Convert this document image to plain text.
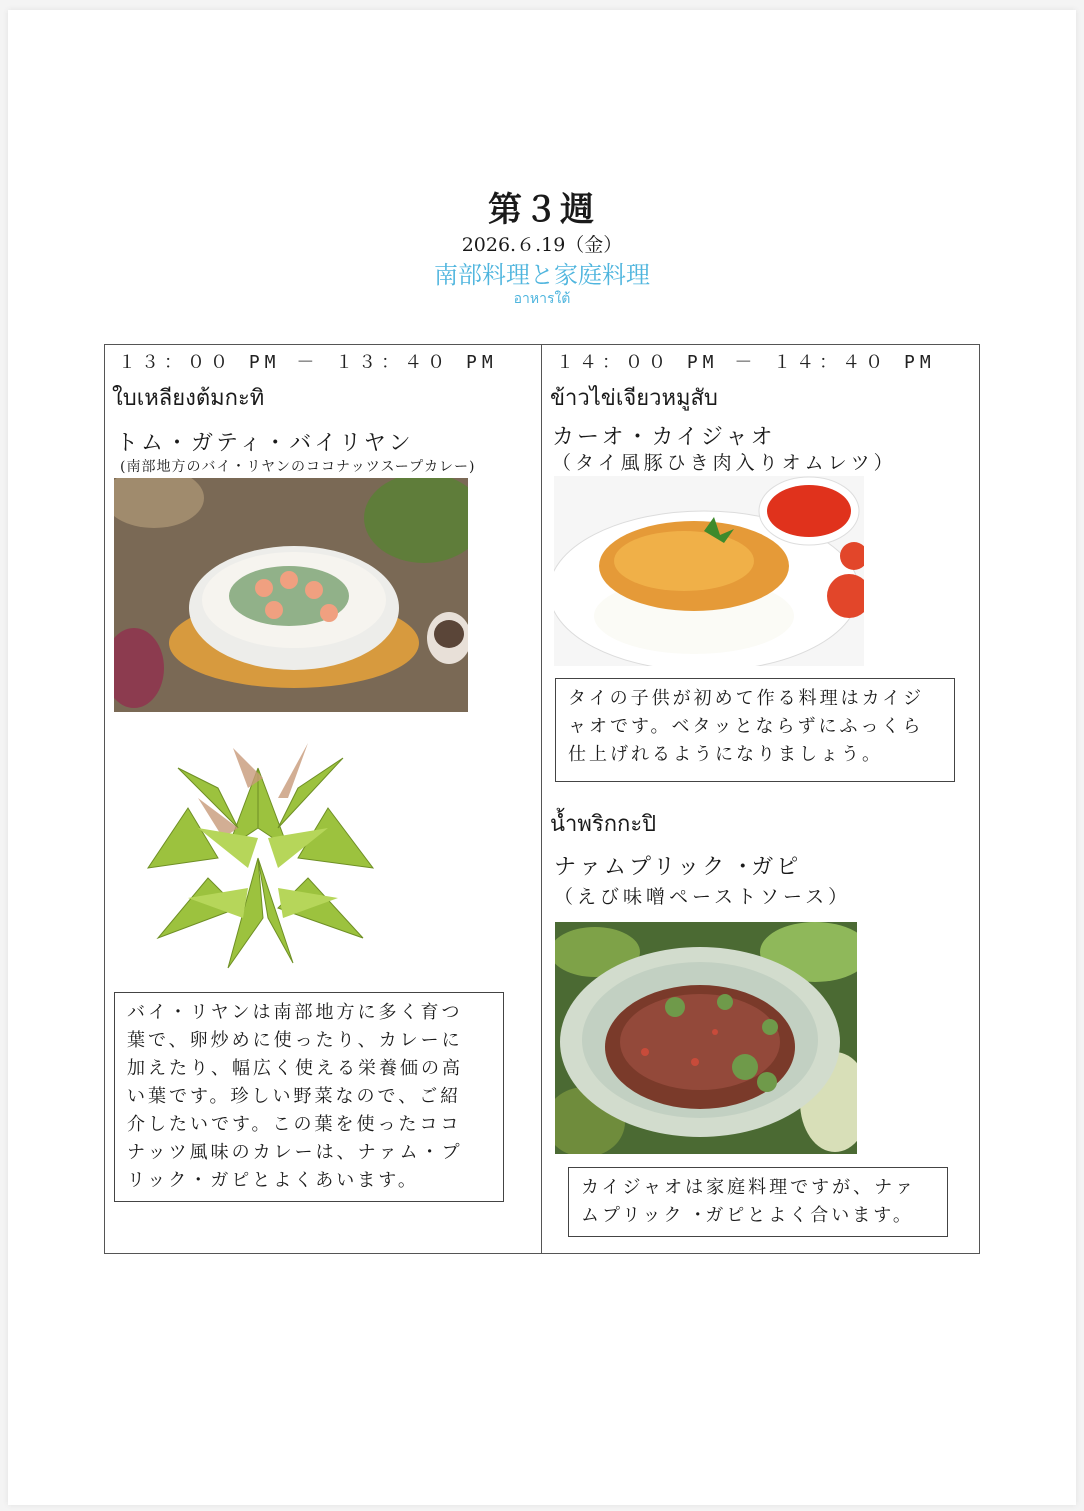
第３週
2026.６.19（金）
南部料理と家庭料理
อาหารใต้
１３：００ PM － １３：４０ PM
ใบเหลียงต้มกะทิ
トム・ガティ・バイリヤン
(南部地方のバイ・リヤンのココナッツスープカレー)
バイ・リヤンは南部地方に多く育つ
葉で、卵炒めに使ったり、カレーに
加えたり、幅広く使える栄養価の高
い葉です。珍しい野菜なので、ご紹
介したいです。この葉を使ったココ
ナッツ風味のカレーは、ナァム・プ
リック・ガピとよくあいます。
１４：００ PM － １４：４０ PM
ข้าวไข่เจียวหมูสับ
カーオ・カイジャオ
（タイ風豚ひき肉入りオムレツ）
タイの子供が初めて作る料理はカイジ
ャオです。ベタッとならずにふっくら
仕上げれるようになりましょう。
น้ำพริกกะปิ
ナァムプリック ･ガピ
（えび味噌ペーストソース）
カイジャオは家庭料理ですが、ナァ
ムプリック ･ガピとよく合います。
